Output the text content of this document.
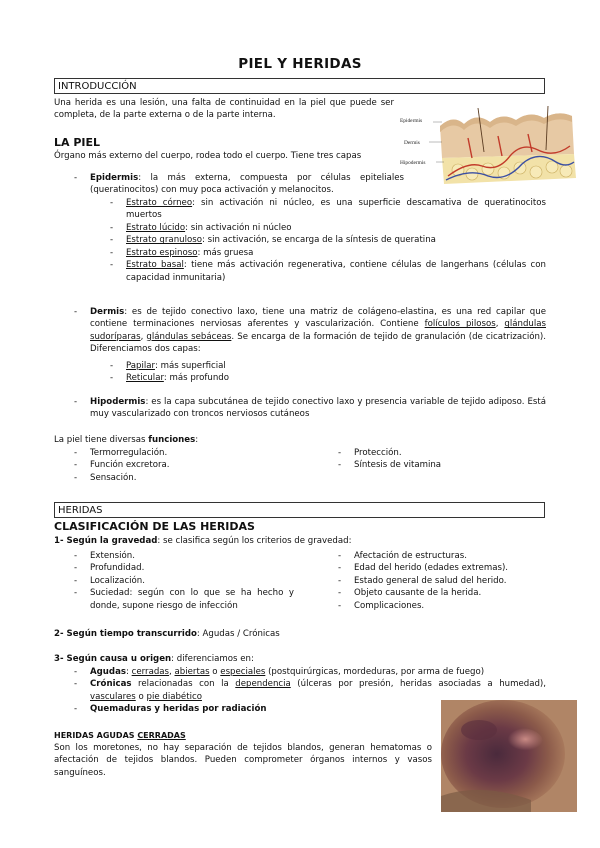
PIEL Y HERIDAS
INTRODUCCIÓN
Una herida es una lesión, una falta de continuidad en la piel que puede ser completa, de la parte externa o de la parte interna.
Epidermis
Dermis
Hipodermis
LA PIEL
Órgano más externo del cuerpo, rodea todo el cuerpo. Tiene tres capas
- Epidermis: la más externa, compuesta por células epiteliales (queratinocitos) con muy poca activación y melanocitos.
- Estrato córneo: sin activación ni núcleo, es una superficie descamativa de queratinocitos muertos
- Estrato lúcido: sin activación ni núcleo
- Estrato granuloso: sin activación, se encarga de la síntesis de queratina
- Estrato espinoso: más gruesa
- Estrato basal: tiene más activación regenerativa, contiene células de langerhans (células con capacidad inmunitaria)
- Dermis: es de tejido conectivo laxo, tiene una matriz de colágeno-elastina, es una red capilar que contiene terminaciones nerviosas aferentes y vascularización. Contiene folículos pilosos, glándulas sudoríparas, glándulas sebáceas. Se encarga de la formación de tejido de granulación (de cicatrización). Diferenciamos dos capas:
- Papilar: más superficial
- Reticular: más profundo
- Hipodermis: es la capa subcutánea de tejido conectivo laxo y presencia variable de tejido adiposo. Está muy vascularizado con troncos nerviosos cutáneos
La piel tiene diversas funciones:
- Termorregulación.
- Función excretora.
- Sensación.
- Protección.
- Síntesis de vitamina
HERIDAS
CLASIFICACIÓN DE LAS HERIDAS
1- Según la gravedad: se clasifica según los criterios de gravedad:
- Extensión.
- Profundidad.
- Localización.
- Suciedad: según con lo que se ha hecho y donde, supone riesgo de infección
- Afectación de estructuras.
- Edad del herido (edades extremas).
- Estado general de salud del herido.
- Objeto causante de la herida.
- Complicaciones.
2- Según tiempo transcurrido: Agudas / Crónicas
3- Según causa u origen: diferenciamos en:
- Agudas: cerradas, abiertas o especiales (postquirúrgicas, mordeduras, por arma de fuego)
- Crónicas relacionadas con la dependencia (úlceras por presión, heridas asociadas a humedad), vasculares o pie diabético
- Quemaduras y heridas por radiación
HERIDAS AGUDAS CERRADAS
Son los moretones, no hay separación de tejidos blandos, generan hematomas o afectación de tejidos blandos. Pueden comprometer órganos internos y vasos sanguíneos.
